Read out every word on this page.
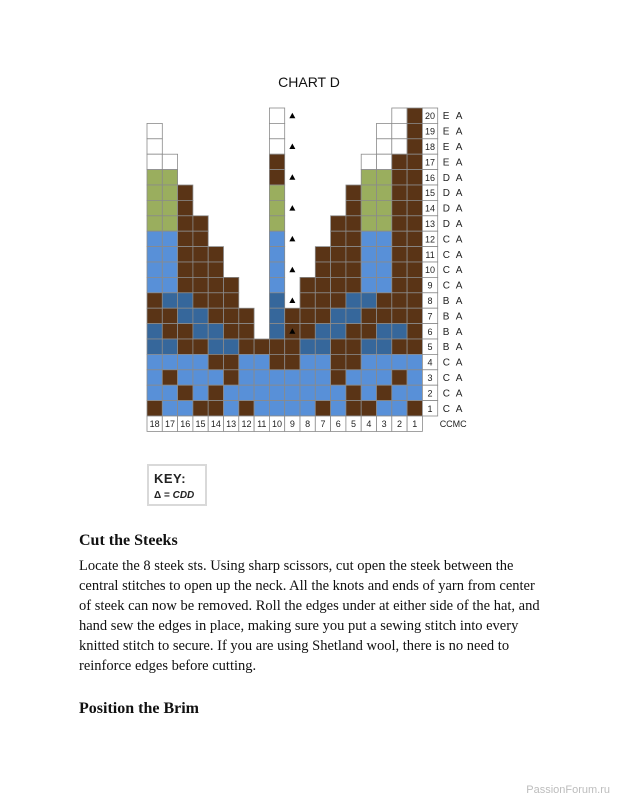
CHART D
20 E A
19 E A
18 E A
17 E A
16 D A
15 D A
14 D A
13 D A
12 C A
11 C A
10 C A
9 C A
8 B A
7 B A
6 B A
5 B A
4 C A
3 C A
2 C A
1 C A
18 17 16 15 14 13 12 11 10 9 8 7 6 5 4 3 2 1 CCMC
KEY:
Δ = CDD
Cut the Steeks
Locate the 8 steek sts. Using sharp scissors, cut open the steek between the central stitches to open up the neck. All the knots and ends of yarn from center of steek can now be removed. Roll the edges under at either side of the hat, and hand sew the edges in place, making sure you put a sewing stitch into every knitted stitch to secure. If you are using Shetland wool, there is no need to reinforce edges before cutting.
Position the Brim
PassionForum.ru
